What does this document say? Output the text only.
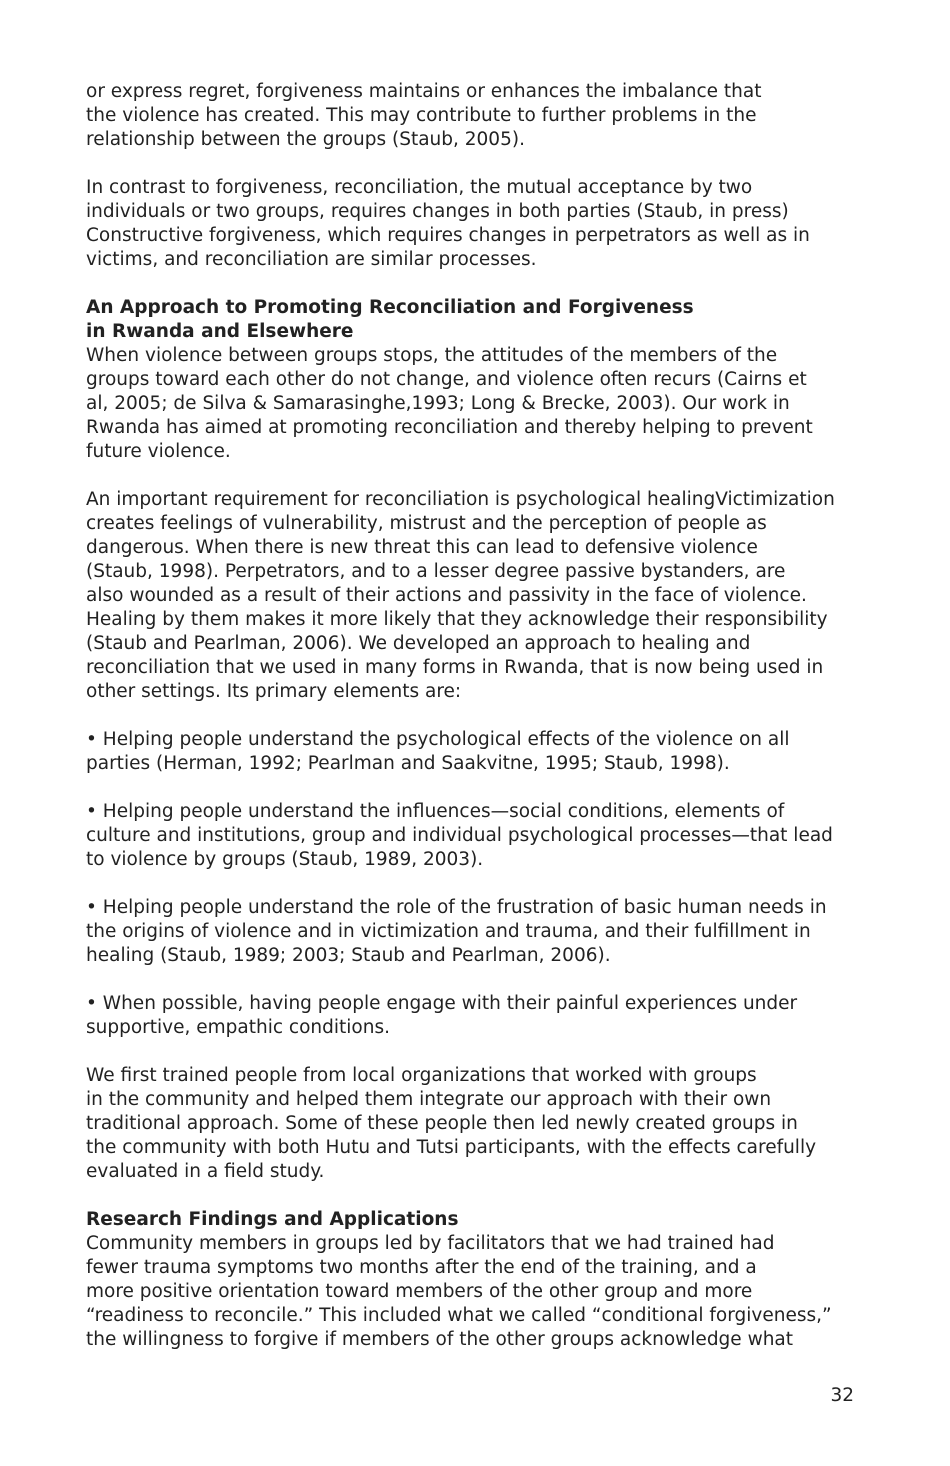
or express regret, forgiveness maintains or enhances the imbalance that
the violence has created. This may contribute to further problems in the
relationship between the groups (Staub, 2005).
In contrast to forgiveness, reconciliation, the mutual acceptance by two
individuals or two groups, requires changes in both parties (Staub, in press)
Constructive forgiveness, which requires changes in perpetrators as well as in
victims, and reconciliation are similar processes.
An Approach to Promoting Reconciliation and Forgiveness
in Rwanda and Elsewhere
When violence between groups stops, the attitudes of the members of the
groups toward each other do not change, and violence often recurs (Cairns et
al, 2005; de Silva & Samarasinghe,1993; Long & Brecke, 2003). Our work in
Rwanda has aimed at promoting reconciliation and thereby helping to prevent
future violence.
An important requirement for reconciliation is psychological healingVictimization
creates feelings of vulnerability, mistrust and the perception of people as
dangerous. When there is new threat this can lead to defensive violence
(Staub, 1998). Perpetrators, and to a lesser degree passive bystanders, are
also wounded as a result of their actions and passivity in the face of violence.
Healing by them makes it more likely that they acknowledge their responsibility
(Staub and Pearlman, 2006). We developed an approach to healing and
reconciliation that we used in many forms in Rwanda, that is now being used in
other settings. Its primary elements are:
• Helping people understand the psychological effects of the violence on all
parties (Herman, 1992; Pearlman and Saakvitne, 1995; Staub, 1998).
• Helping people understand the influences—social conditions, elements of
culture and institutions, group and individual psychological processes—that lead
to violence by groups (Staub, 1989, 2003).
• Helping people understand the role of the frustration of basic human needs in
the origins of violence and in victimization and trauma, and their fulfillment in
healing (Staub, 1989; 2003; Staub and Pearlman, 2006).
• When possible, having people engage with their painful experiences under
supportive, empathic conditions.
We first trained people from local organizations that worked with groups
in the community and helped them integrate our approach with their own
traditional approach. Some of these people then led newly created groups in
the community with both Hutu and Tutsi participants, with the effects carefully
evaluated in a field study.
Research Findings and Applications
Community members in groups led by facilitators that we had trained had
fewer trauma symptoms two months after the end of the training, and a
more positive orientation toward members of the other group and more
“readiness to reconcile.” This included what we called “conditional forgiveness,”
the willingness to forgive if members of the other groups acknowledge what
32
